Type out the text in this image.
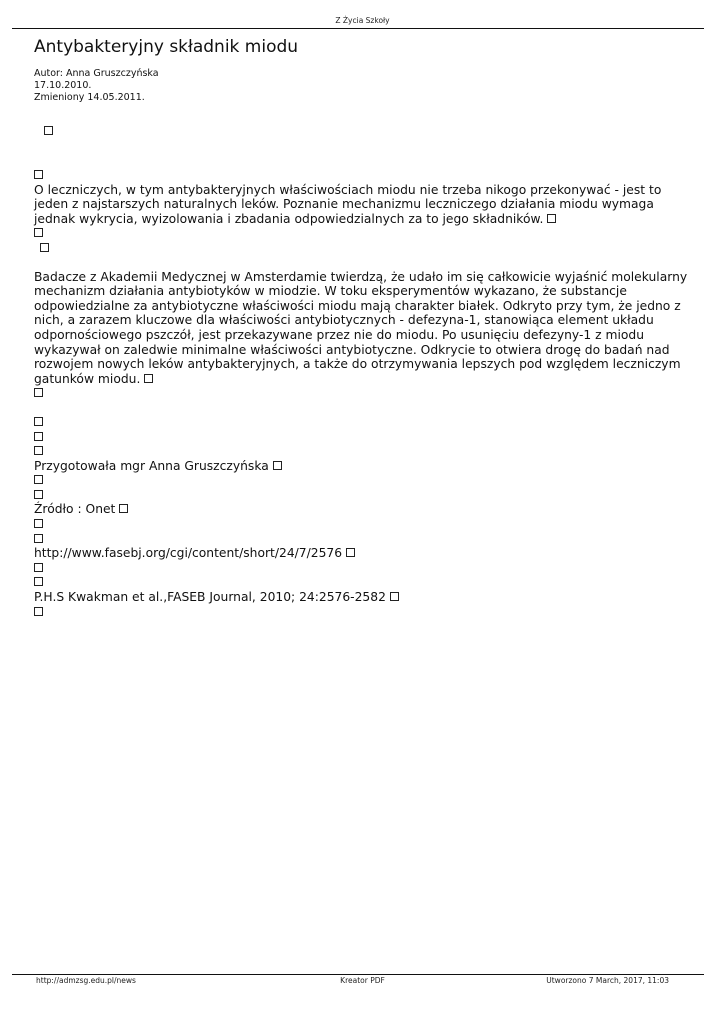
Z Życia Szkoły
Antybakteryjny składnik miodu
Autor: Anna Gruszczyńska
17.10.2010.
Zmieniony 14.05.2011.

O leczniczych, w tym antybakteryjnych właściwościach miodu nie trzeba nikogo przekonywać - jest to jeden z najstarszych naturalnych leków. Poznanie mechanizmu leczniczego działania miodu wymaga jednak wykrycia, wyizolowania i zbadania odpowiedzialnych za to jego składników.

Badacze z Akademii Medycznej w Amsterdamie twierdzą, że udało im się całkowicie wyjaśnić molekularny mechanizm działania antybiotyków w miodzie. W toku eksperymentów wykazano, że substancje odpowiedzialne za antybiotyczne właściwości miodu mają charakter białek. Odkryto przy tym, że jedno z nich, a zarazem kluczowe dla właściwości antybiotycznych - defezyna-1, stanowiąca element układu odpornościowego pszczół, jest przekazywane przez nie do miodu. Po usunięciu defezyny-1 z miodu wykazywał on zaledwie minimalne właściwości antybiotyczne. Odkrycie to otwiera drogę do badań nad rozwojem nowych leków antybakteryjnych, a także do otrzymywania lepszych pod względem leczniczym gatunków miodu.

Przygotowała mgr Anna Gruszczyńska

Źródło : Onet

http://www.fasebj.org/cgi/content/short/24/7/2576

P.H.S Kwakman et al.,FASEB Journal, 2010; 24:2576-2582

http://admzsg.edu.pl/news	Kreator PDF	Utworzono 7 March, 2017, 11:03
